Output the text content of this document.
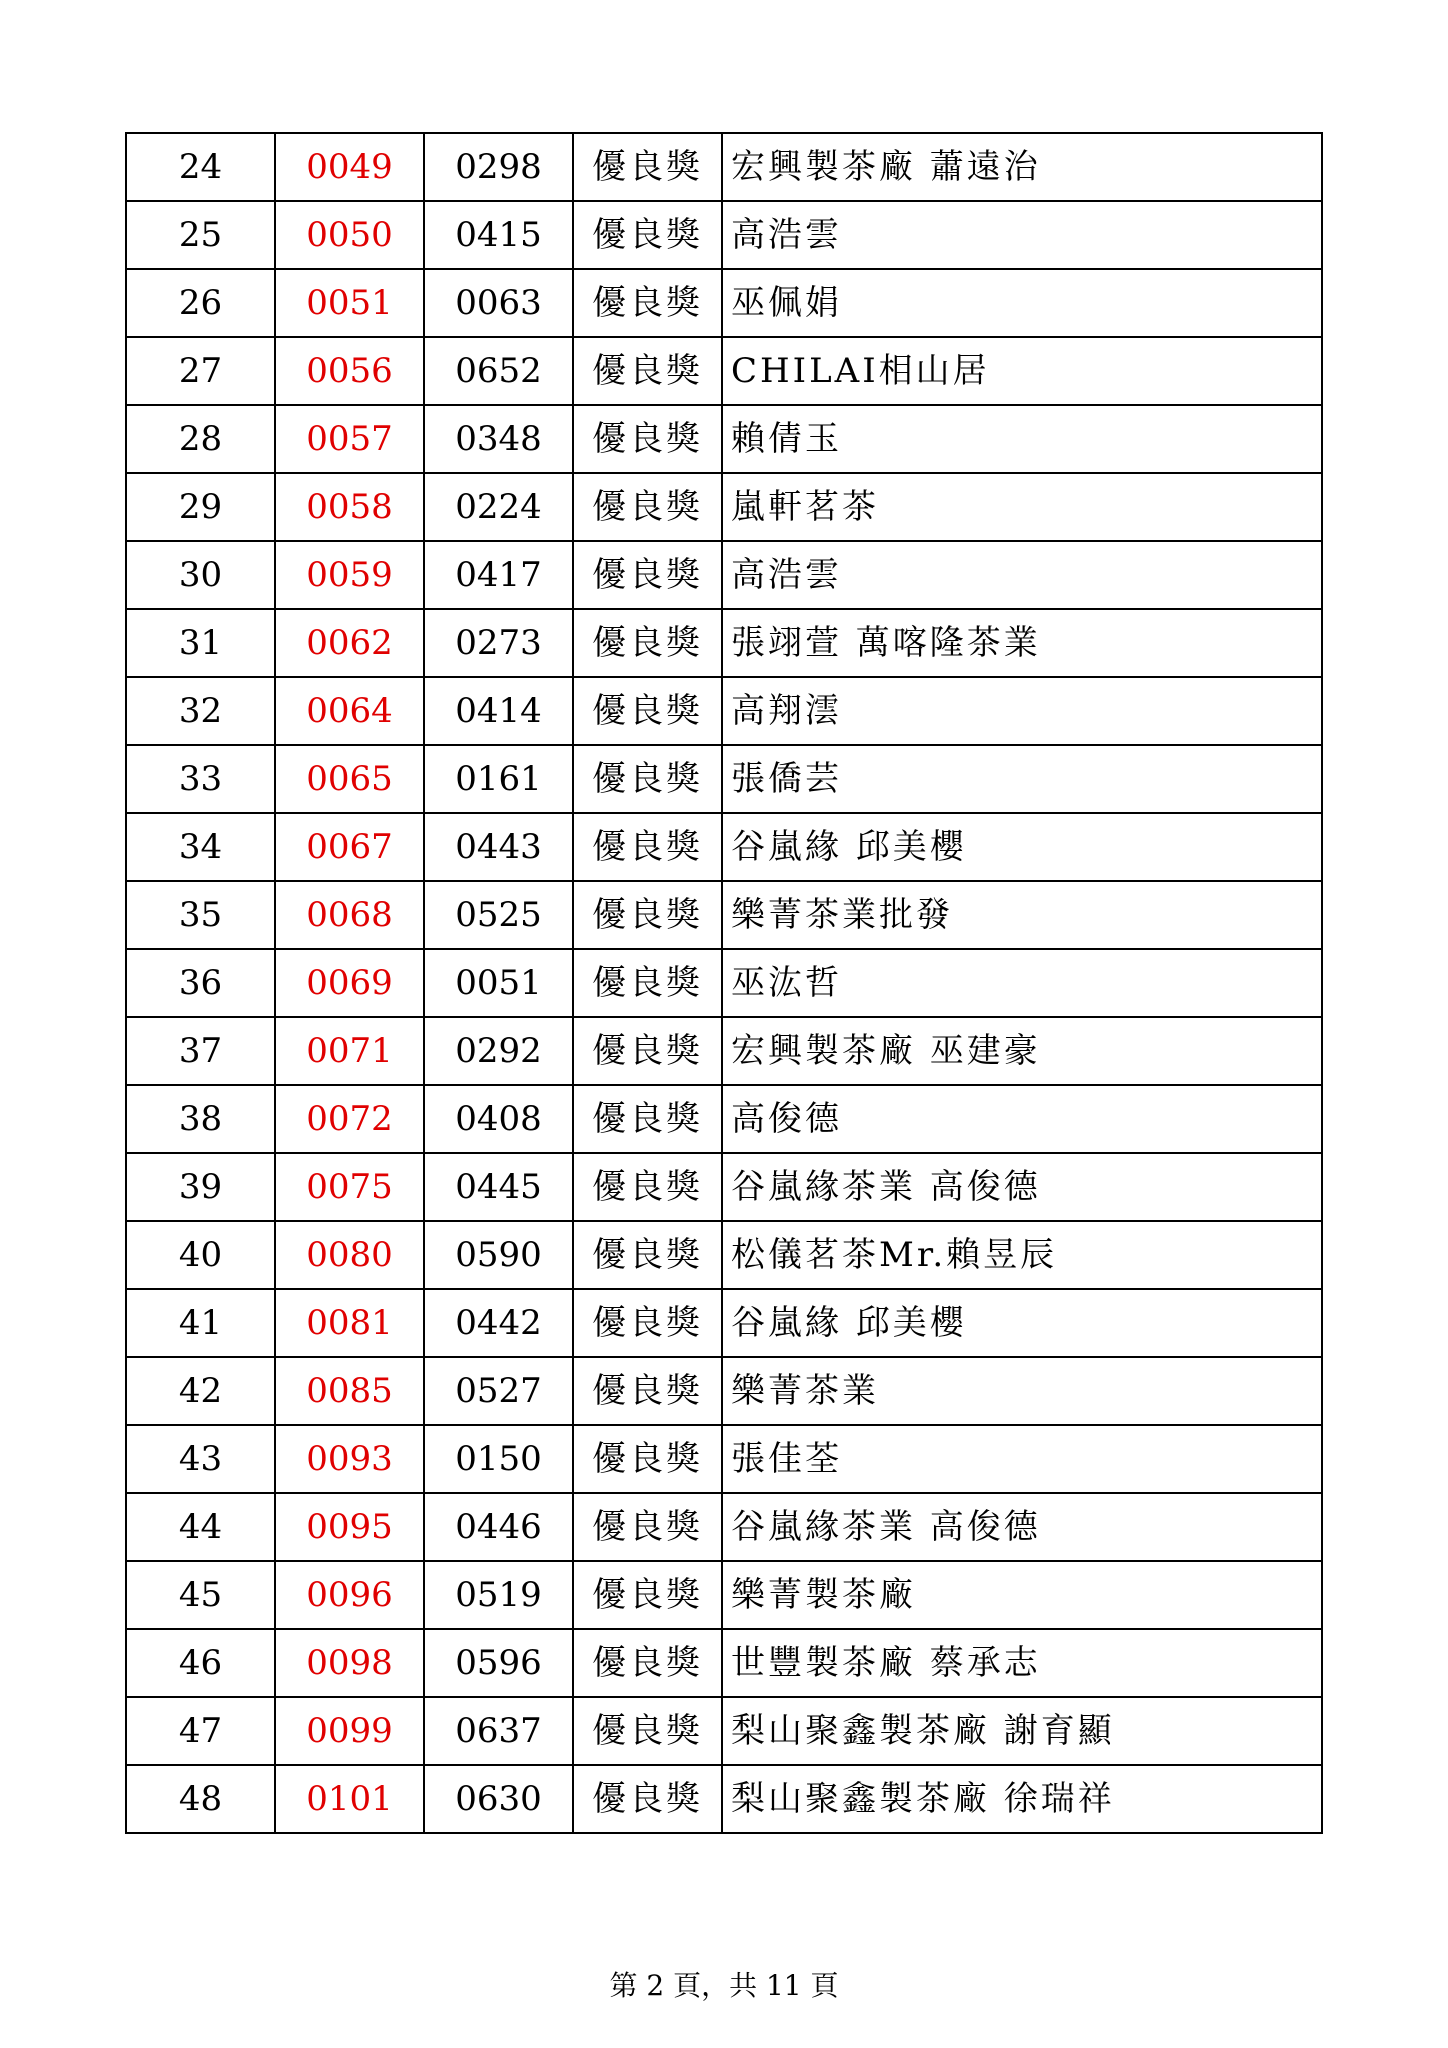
24	0049	0298	優良獎	宏興製茶廠 蕭遠治
25	0050	0415	優良獎	高浩雲
26	0051	0063	優良獎	巫佩娟
27	0056	0652	優良獎	CHILAI相山居
28	0057	0348	優良獎	賴倩玉
29	0058	0224	優良獎	嵐軒茗茶
30	0059	0417	優良獎	高浩雲
31	0062	0273	優良獎	張翊萱 萬喀隆茶業
32	0064	0414	優良獎	高翔澐
33	0065	0161	優良獎	張僑芸
34	0067	0443	優良獎	谷嵐緣 邱美櫻
35	0068	0525	優良獎	樂菁茶業批發
36	0069	0051	優良獎	巫汯哲
37	0071	0292	優良獎	宏興製茶廠 巫建豪
38	0072	0408	優良獎	高俊德
39	0075	0445	優良獎	谷嵐緣茶業 高俊德
40	0080	0590	優良獎	松儀茗茶Mr.賴昱辰
41	0081	0442	優良獎	谷嵐緣 邱美櫻
42	0085	0527	優良獎	樂菁茶業
43	0093	0150	優良獎	張佳荃
44	0095	0446	優良獎	谷嵐緣茶業 高俊德
45	0096	0519	優良獎	樂菁製茶廠
46	0098	0596	優良獎	世豐製茶廠 蔡承志
47	0099	0637	優良獎	梨山聚鑫製茶廠 謝育顯
48	0101	0630	優良獎	梨山聚鑫製茶廠 徐瑞祥
第 2 頁，共 11 頁
